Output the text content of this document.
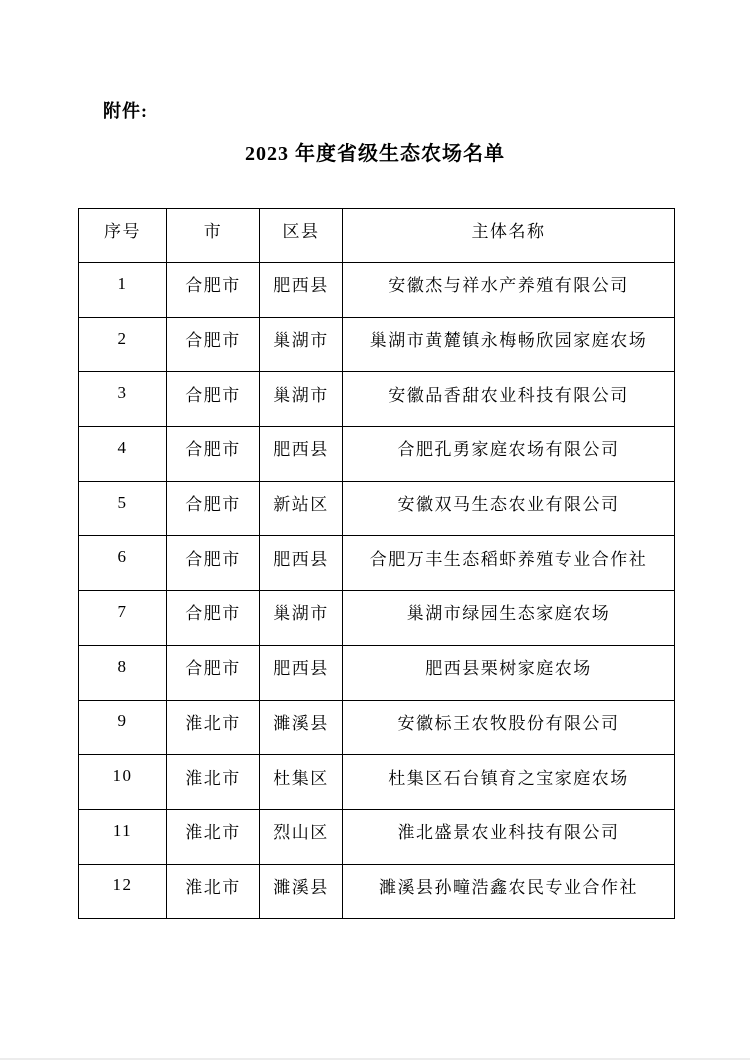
附件:
2023 年度省级生态农场名单
序号	市	区县	主体名称
1	合肥市	肥西县	安徽杰与祥水产养殖有限公司
2	合肥市	巢湖市	巢湖市黄麓镇永梅畅欣园家庭农场
3	合肥市	巢湖市	安徽品香甜农业科技有限公司
4	合肥市	肥西县	合肥孔勇家庭农场有限公司
5	合肥市	新站区	安徽双马生态农业有限公司
6	合肥市	肥西县	合肥万丰生态稻虾养殖专业合作社
7	合肥市	巢湖市	巢湖市绿园生态家庭农场
8	合肥市	肥西县	肥西县栗树家庭农场
9	淮北市	濉溪县	安徽标王农牧股份有限公司
10	淮北市	杜集区	杜集区石台镇育之宝家庭农场
11	淮北市	烈山区	淮北盛景农业科技有限公司
12	淮北市	濉溪县	濉溪县孙疃浩鑫农民专业合作社
